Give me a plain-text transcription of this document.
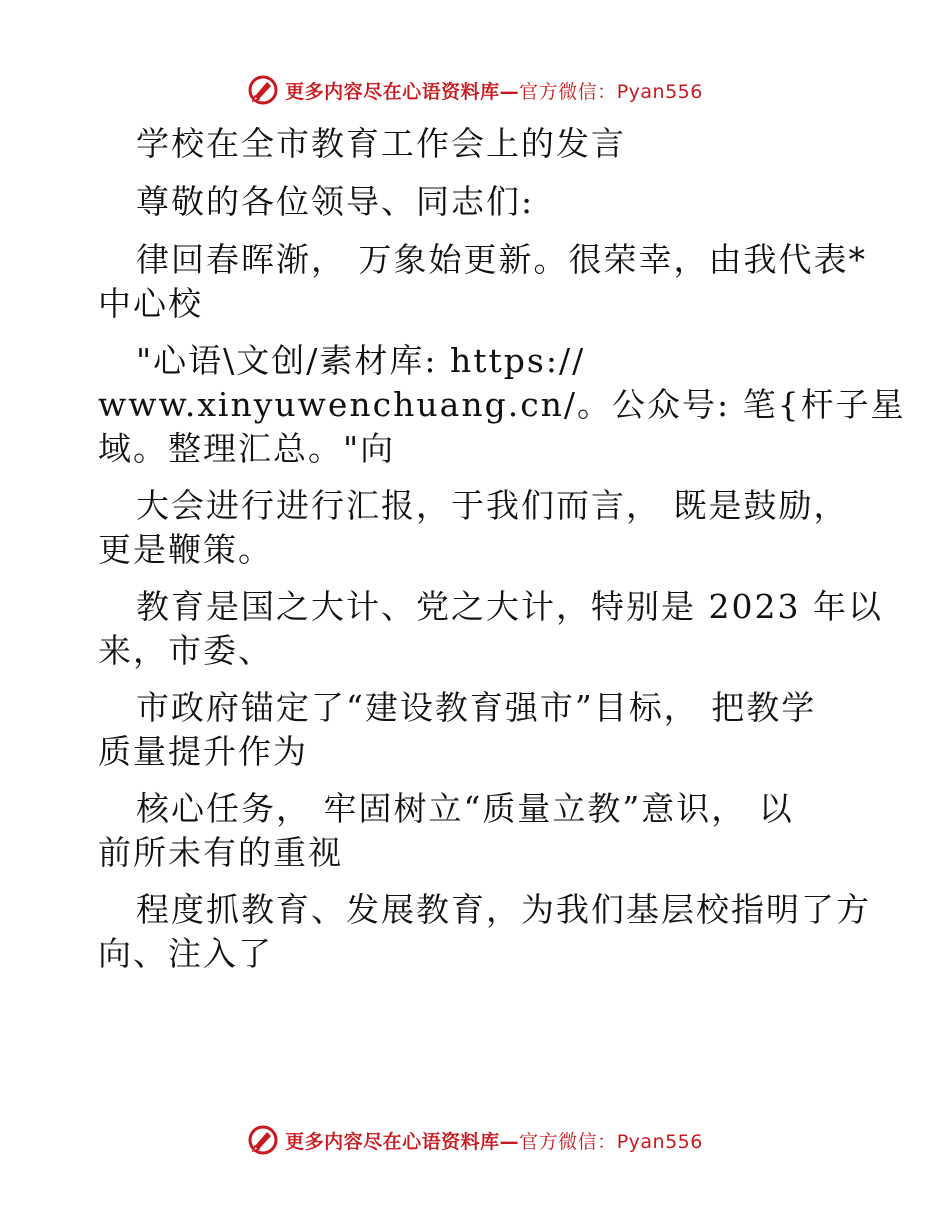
更多内容尽在心语资料库—官方微信：Pyan556
学校在全市教育工作会上的发言
尊敬的各位领导、同志们:
律回春晖渐， 万象始更新。很荣幸，由我代表*
中心校
"心语\文创/素材库: https://
www.xinyuwenchuang.cn/。公众号: 笔{杆子星
域。整理汇总。"向
大会进行进行汇报，于我们而言， 既是鼓励，
更是鞭策。
教育是国之大计、党之大计，特别是 2023 年以
来，市委、
市政府锚定了“建设教育强市”目标， 把教学
质量提升作为
核心任务， 牢固树立“质量立教”意识， 以
前所未有的重视
程度抓教育、发展教育，为我们基层校指明了方
向、注入了
更多内容尽在心语资料库—官方微信：Pyan556
